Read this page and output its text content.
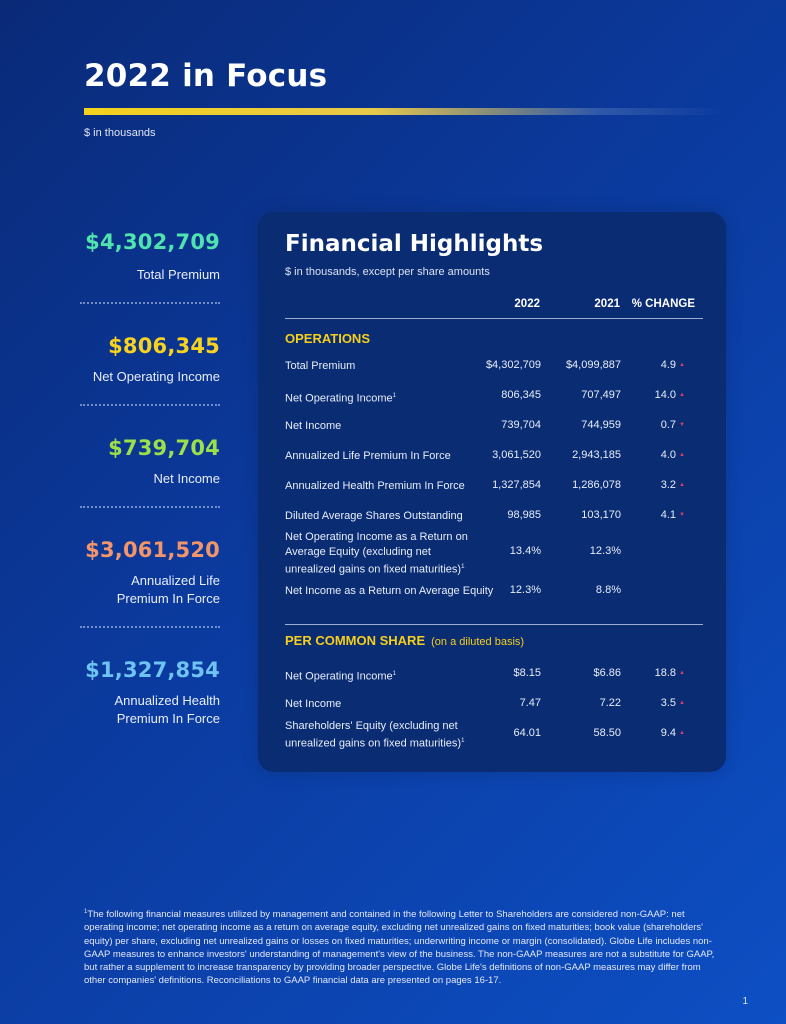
2022 in Focus
$ in thousands
$4,302,709
Total Premium
$806,345
Net Operating Income
$739,704
Net Income
$3,061,520
Annualized Life Premium In Force
$1,327,854
Annualized Health Premium In Force
Financial Highlights
$ in thousands, except per share amounts
2022	2021	% CHANGE
OPERATIONS
Total Premium	$4,302,709	$4,099,887	4.9 ▲
Net Operating Income$^1$	806,345	707,497	14.0 ▲
Net Income	739,704	744,959	0.7 ▼
Annualized Life Premium In Force	3,061,520	2,943,185	4.0 ▲
Annualized Health Premium In Force	1,327,854	1,286,078	3.2 ▲
Diluted Average Shares Outstanding	98,985	103,170	4.1 ▼
Net Operating Income as a Return on Average Equity (excluding net unrealized gains on fixed maturities)$^1$
13.4%	12.3%
Net Income as a Return on Average Equity	12.3%	8.8%
PER COMMON SHARE (on a diluted basis)
Net Operating Income$^1$	$8.15	$6.86	18.8 ▲
Net Income	7.47	7.22	3.5 ▲
Shareholders' Equity (excluding net unrealized gains on fixed maturities)$^1$
64.01	58.50	9.4 ▲
$^1$The following financial measures utilized by management and contained in the following Letter to Shareholders are considered non-GAAP: net operating income; net operating income as a return on average equity, excluding net unrealized gains on fixed maturities; book value (shareholders' equity) per share, excluding net unrealized gains or losses on fixed maturities; underwriting income or margin (consolidated). Globe Life includes non-GAAP measures to enhance investors' understanding of management's view of the business. The non-GAAP measures are not a substitute for GAAP, but rather a supplement to increase transparency by providing broader perspective. Globe Life's definitions of non-GAAP measures may differ from other companies' definitions. Reconciliations to GAAP financial data are presented on pages 16-17.
1
